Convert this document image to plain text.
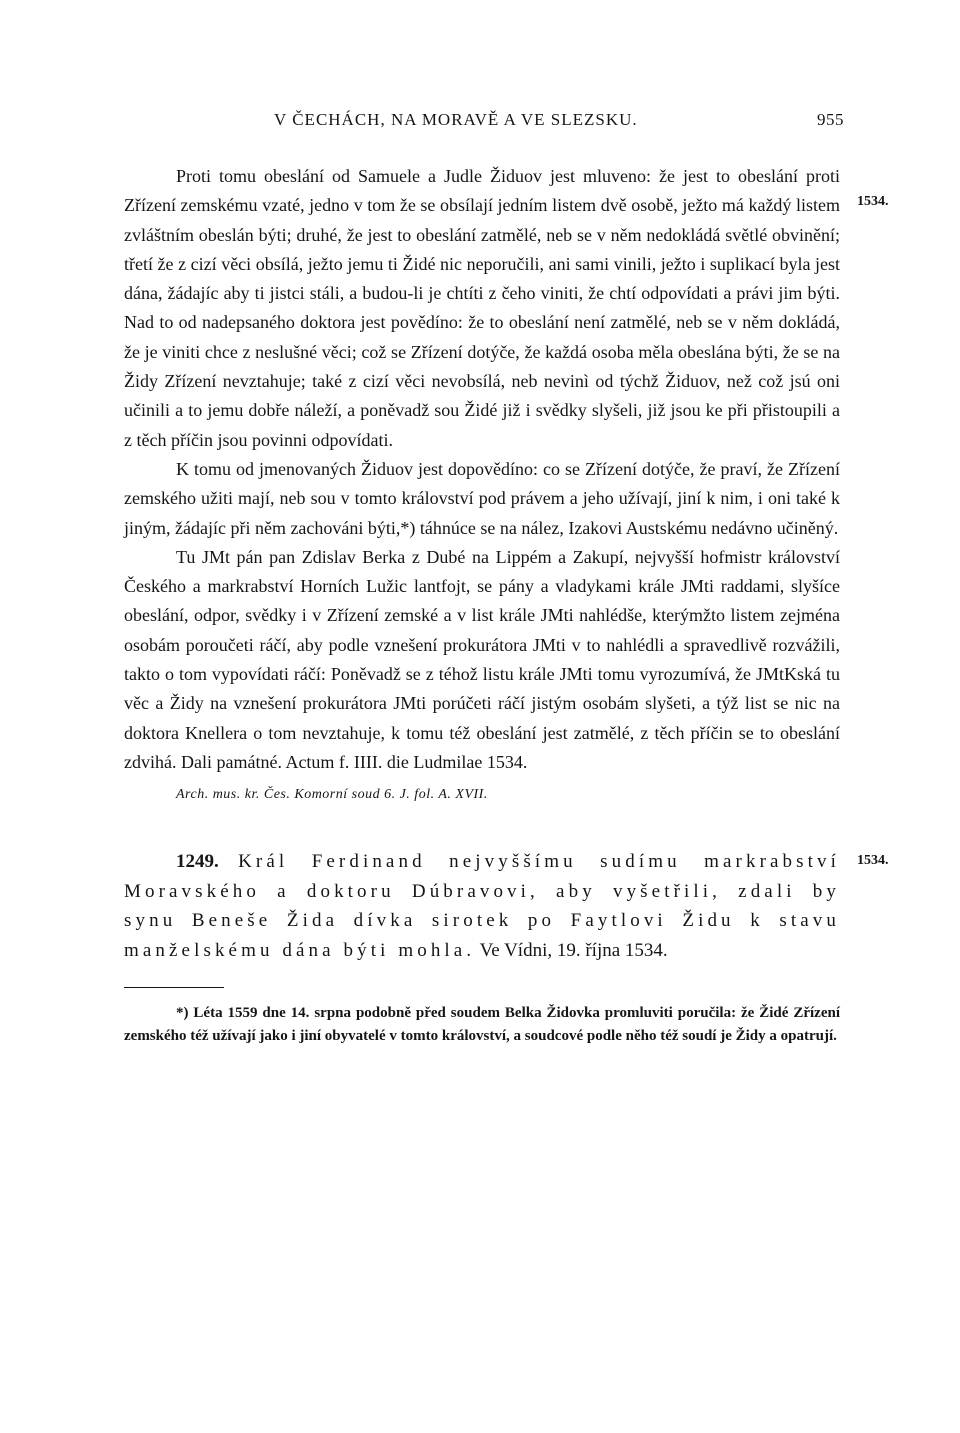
V ČECHÁCH, NA MORAVĚ A VE SLEZSKU.	955
1534.

Proti tomu obeslání od Samuele a Judle Židuov jest mluveno: že jest to obeslání proti Zřízení zemskému vzaté, jedno v tom že se obsílají jedním listem dvě osobě, ježto má každý listem zvláštním obeslán býti; druhé, že jest to obeslání zatmělé, neb se v něm nedokládá světlé obvinění; třetí že z cizí věci obsílá, ježto jemu ti Židé nic neporučili, ani sami vinili, ježto i suplikací byla jest dána, žádajíc aby ti jistci stáli, a budou-li je chtíti z čeho viniti, že chtí odpovídati a právi jim býti. Nad to od nadepsaného doktora jest povědíno: že to obeslání není zatmělé, neb se v něm dokládá, že je viniti chce z neslušné věci; což se Zřízení dotýče, že každá osoba měla obeslána býti, že se na Židy Zřízení nevztahuje; také z cizí věci nevobsílá, neb nevinì od týchž Židuov, než což jsú oni učinili a to jemu dobře náleží, a poněvadž sou Židé již i svědky slyšeli, již jsou ke při přistoupili a z těch příčin jsou povinni odpovídati.

K tomu od jmenovaných Židuov jest dopovědíno: co se Zřízení dotýče, že praví, že Zřízení zemského užiti mají, neb sou v tomto království pod právem a jeho užívají, jiní k nim, i oni také k jiným, žádajíc při něm zachováni býti,*) táhnúce se na nález, Izakovi Austskému nedávno učiněný.

Tu JMt pán pan Zdislav Berka z Dubé na Lippém a Zakupí, nejvyšší hofmistr království Českého a markrabství Horních Lužic lantfojt, se pány a vladykami krále JMti raddami, slyšíce obeslání, odpor, svědky i v Zřízení zemské a v list krále JMti nahlédše, kterýmžto listem zejména osobám poroučeti ráčí, aby podle vznešení prokurátora JMti v to nahlédli a spravedlivě rozvážili, takto o tom vypovídati ráčí: Poněvadž se z téhož listu krále JMti tomu vyrozumívá, že JMtKská tu věc a Židy na vznešení prokurátora JMti porúčeti ráčí jistým osobám slyšeti, a týž list se nic na doktora Knellera o tom nevztahuje, k tomu též obeslání jest zatmělé, z těch příčin se to obeslání zdvihá. Dali památné. Actum f. IIII. die Ludmilae 1534.

Arch. mus. kr. Čes. Komorní soud 6. J. fol. A. XVII.
1534.

1249. Král Ferdinand nejvyššímu sudímu markrabství Moravského a doktoru Dúbravovi, aby vyšetřili, zdali by synu Beneše Žida dívka sirotek po Faytlovi Židu k stavu manželskému dána býti mohla. Ve Vídni, 19. října 1534.

*) Léta 1559 dne 14. srpna podobně před soudem Belka Židovka promluviti poručila: že Židé Zřízení zemského též užívají jako i jiní obyvatelé v tomto království, a soudcové podle něho též soudí je Židy a opatrují.
